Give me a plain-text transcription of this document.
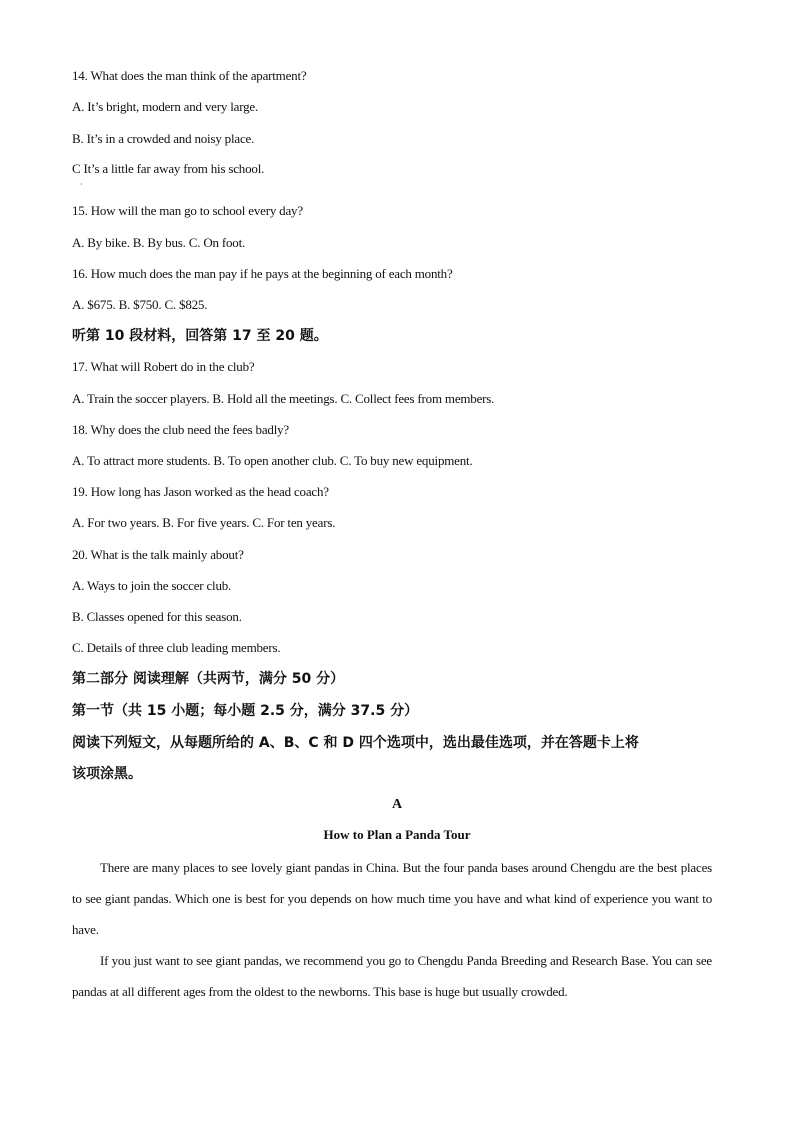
14. What does the man think of the apartment?
A. It’s bright, modern and very large.
B. It’s in a crowded and noisy place.
C It’s a little far away from his school.
·
15. How will the man go to school every day?
A. By bike. B. By bus. C. On foot.
16. How much does the man pay if he pays at the beginning of each month?
A. $675. B. $750. C. $825.
听第 10 段材料，回答第 17 至 20 题。
17. What will Robert do in the club?
A. Train the soccer players. B. Hold all the meetings. C. Collect fees from members.
18. Why does the club need the fees badly?
A. To attract more students. B. To open another club. C. To buy new equipment.
19. How long has Jason worked as the head coach?
A. For two years. B. For five years. C. For ten years.
20. What is the talk mainly about?
A. Ways to join the soccer club.
B. Classes opened for this season.
C. Details of three club leading members.
第二部分 阅读理解（共两节，满分 50 分）
第一节（共 15 小题；每小题 2.5 分，满分 37.5 分）
阅读下列短文，从每题所给的 A、B、C 和 D 四个选项中，选出最佳选项，并在答题卡上将
该项涂黑。
A
How to Plan a Panda Tour
There are many places to see lovely giant pandas in China. But the four panda bases around Chengdu are the best places to see giant pandas. Which one is best for you depends on how much time you have and what kind of experience you want to have.
If you just want to see giant pandas, we recommend you go to Chengdu Panda Breeding and Research Base. You can see pandas at all different ages from the oldest to the newborns. This base is huge but usually crowded.
